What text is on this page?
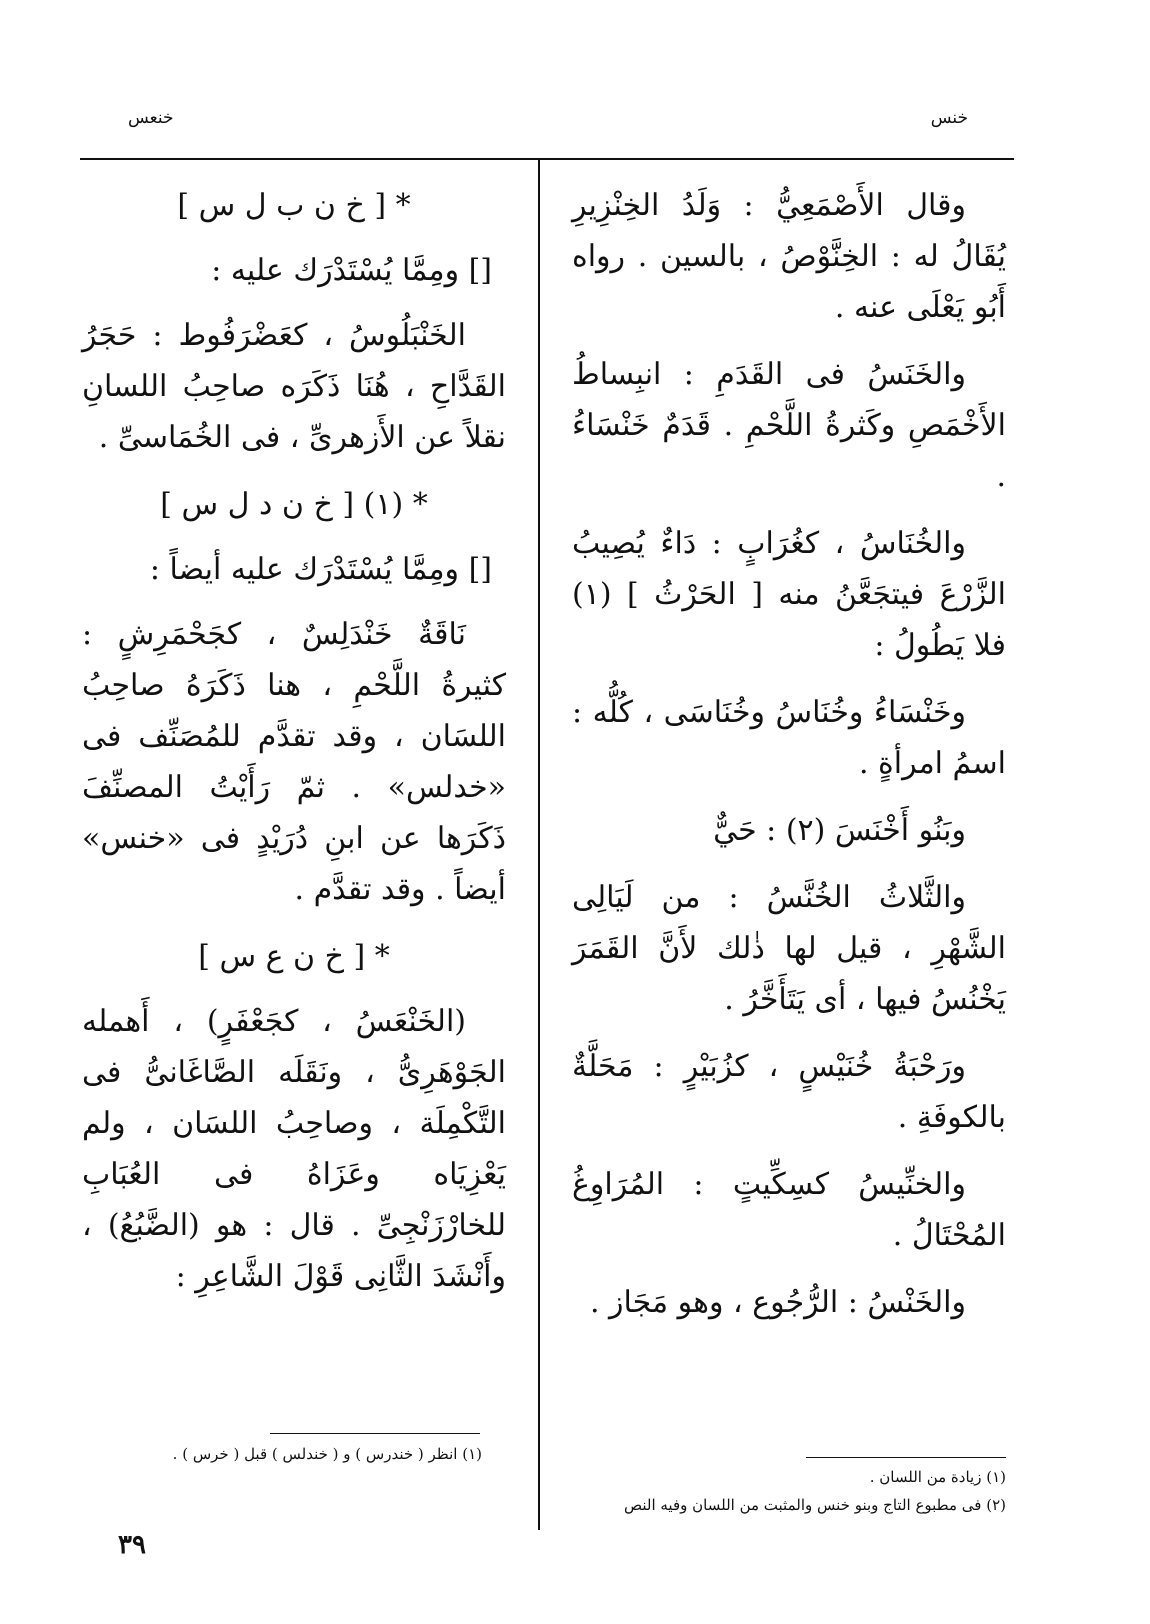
خنس
خنعس

وقال الأَصْمَعِيُّ : وَلَدُ الخِنْزِيرِ يُقَالُ له : الخِنَّوْصُ ، بالسين . رواه أَبُو يَعْلَى عنه .

والخَنَسُ فى القَدَمِ : انبِساطُ الأَخْمَصِ وكَثرةُ اللَّحْمِ . قَدَمٌ خَنْسَاءُ .

والخُنَاسُ ، كغُرَابٍ : دَاءٌ يُصِيبُ الزَّرْعَ فيتجَعَّنُ منه [ الحَرْثُ ] (١) فلا يَطُولُ :

وخَنْسَاءُ وخُنَاسُ وخُنَاسَى ، كُلُّه : اسمُ امرأةٍ .

وبَنُو أَخْنَسَ (٢) : حَيٌّ

والثَّلاثُ الخُنَّسُ : من لَيَالِى الشَّهْرِ ، قيل لها ذٰلك لأَنَّ القَمَرَ يَخْنُسُ فيها ، أى يَتَأَخَّرُ .

ورَحْبَةُ خُنَيْسٍ ، كزُبَيْرٍ : مَحَلَّةٌ بالكوفَةِ .

والخنِّيسُ كسِكِّيتٍ : المُرَاوِغُ المُحْتَالُ .

والخَنْسُ : الرُّجُوع ، وهو مَجَاز .

(١) زيادة من اللسان .
(٢) فى مطبوع التاج وبنو خنس والمثبت من اللسان وفيه النص
* [ خ ن ب ل س ]
[] ومِمَّا يُسْتَدْرَك عليه :

الخَنْبَلُوسُ ، كعَضْرَفُوط : حَجَرُ القَدَّاحِ ، هُنَا ذَكَرَه صاحِبُ اللسانِ نقلاً عن الأَزهرىِّ ، فى الخُمَاسىِّ .

* (١) [ خ ن د ل س ]
[] ومِمَّا يُسْتَدْرَك عليه أيضاً :

نَاقَةٌ خَنْدَلِسٌ ، كجَحْمَرِشٍ : كثيرةُ اللَّحْمِ ، هنا ذَكَرَهُ صاحِبُ اللسَان ، وقد تقدَّم للمُصَنِّف فى «خدلس» . ثمّ رَأَيْتُ المصنِّفَ ذَكَرَها عن ابنِ دُرَيْدٍ فى «خنس» أيضاً . وقد تقدَّم .

* [ خ ن ع س ]

(الخَنْعَسُ ، كجَعْفَرٍ) ، أَهمله الجَوْهَرِىُّ ، ونَقَلَه الصَّاغَانىُّ فى التَّكْمِلَة ، وصاحِبُ اللسَان ، ولم يَعْزِيَاه وعَزَاهُ فى العُبَابِ للخارْزَنْجِىِّ . قال : هو (الضَّبُعُ) ، وأَنْشَدَ الثَّانِى قَوْلَ الشَّاعِرِ :

(١) انظر ( خندرس ) و ( خندلس ) قبل ( خرس ) .
٣٩
